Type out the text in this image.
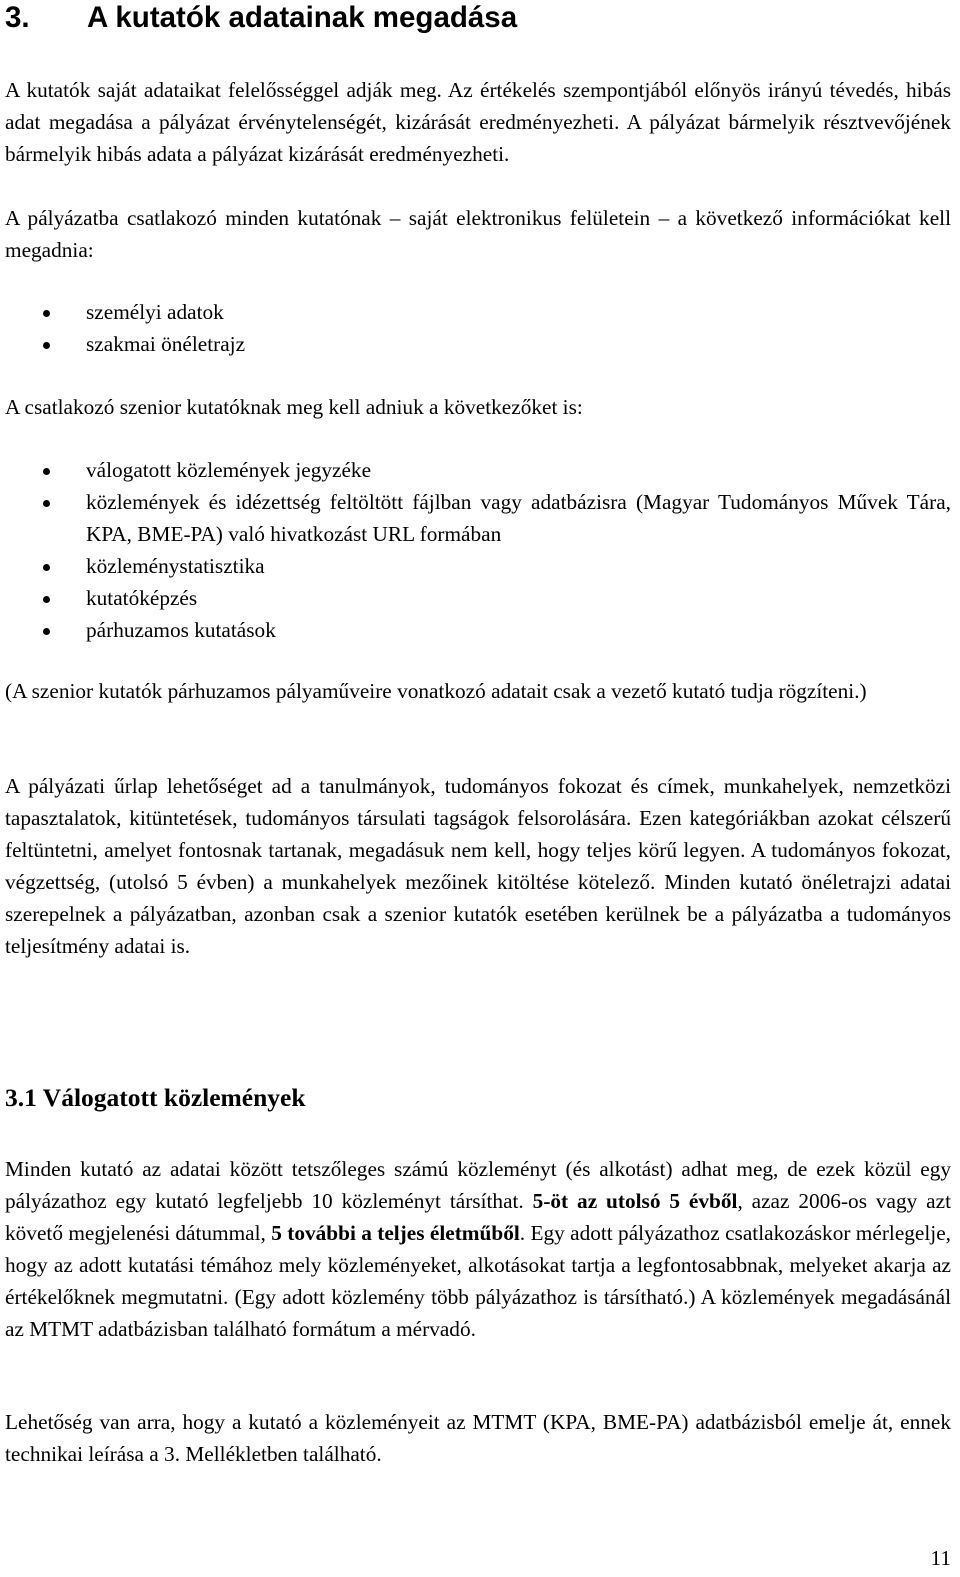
3. A kutatók adatainak megadása

A kutatók saját adataikat felelősséggel adják meg. Az értékelés szempontjából előnyös irányú tévedés, hibás adat megadása a pályázat érvénytelenségét, kizárását eredményezheti. A pályázat bármelyik résztvevőjének bármelyik hibás adata a pályázat kizárását eredményezheti.

A pályázatba csatlakozó minden kutatónak – saját elektronikus felületein – a következő információkat kell megadnia:

személyi adatok
szakmai önéletrajz

A csatlakozó szenior kutatóknak meg kell adniuk a következőket is:

válogatott közlemények jegyzéke
közlemények és idézettség feltöltött fájlban vagy adatbázisra (Magyar Tudományos Művek Tára, KPA, BME-PA) való hivatkozást URL formában
közleménystatisztika
kutatóképzés
párhuzamos kutatások

(A szenior kutatók párhuzamos pályaműveire vonatkozó adatait csak a vezető kutató tudja rögzíteni.)

A pályázati űrlap lehetőséget ad a tanulmányok, tudományos fokozat és címek, munkahelyek, nemzetközi tapasztalatok, kitüntetések, tudományos társulati tagságok felsorolására. Ezen kategóriákban azokat célszerű feltüntetni, amelyet fontosnak tartanak, megadásuk nem kell, hogy teljes körű legyen. A tudományos fokozat, végzettség, (utolsó 5 évben) a munkahelyek mezőinek kitöltése kötelező. Minden kutató önéletrajzi adatai szerepelnek a pályázatban, azonban csak a szenior kutatók esetében kerülnek be a pályázatba a tudományos teljesítmény adatai is.

3.1 Válogatott közlemények

Minden kutató az adatai között tetszőleges számú közleményt (és alkotást) adhat meg, de ezek közül egy pályázathoz egy kutató legfeljebb 10 közleményt társíthat. 5-öt az utolsó 5 évből, azaz 2006-os vagy azt követő megjelenési dátummal, 5 további a teljes életműből. Egy adott pályázathoz csatlakozáskor mérlegelje, hogy az adott kutatási témához mely közleményeket, alkotásokat tartja a legfontosabbnak, melyeket akarja az értékelőknek megmutatni. (Egy adott közlemény több pályázathoz is társítható.) A közlemények megadásánál az MTMT adatbázisban található formátum a mérvadó.

Lehetőség van arra, hogy a kutató a közleményeit az MTMT (KPA, BME-PA) adatbázisból emelje át, ennek technikai leírása a 3. Mellékletben található.

11
